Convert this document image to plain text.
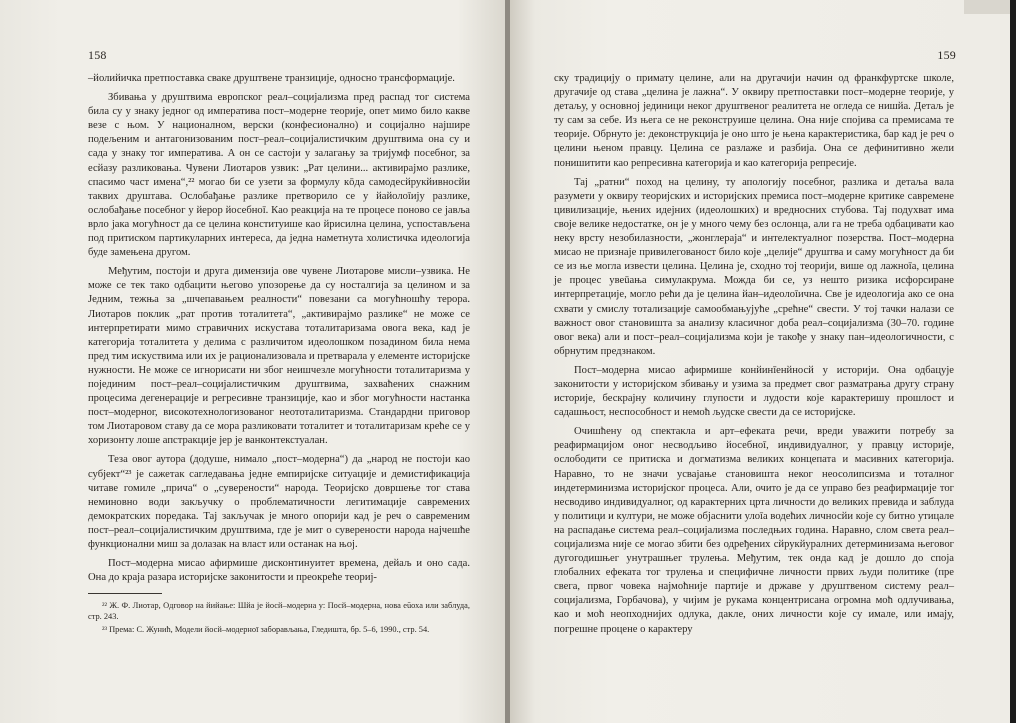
158

–йолийичка претпоставка сваке друштвене транзиције, односно трансформације.

Збивања у друштвима европског реал–социјализма пред распад тог система била су у знаку једног од императива пост–модерне теорије, опет мимо било какве везе с њом. У националном, верски (конфесионално) и социјално најшире подељеним и антагонизованим пост–реал–социјалистичким друштвима она су и сада у знаку тог императива. А он се састоји у залагању за тријумф посебног, за есйазу разликовања. Чувени Лиотаров узвик: „Рат целини... активирајмо разлике, спасимо част имена“,²² могао би се узети за формулу кōда самодесйрукйивносйи таквих друштава. Ослобађање разлике претворило се у йайолоīију разлике, ослобађање посебног у йерор йосебноī. Као реакција на те процесе поново се јавља врло јака могућност да се целина конституише као йрисилна целина, успостављена под притиском партикуларних интереса, да једна наметнута холистичка идеологија буде замењена другом.

Међутим, постоји и друга димензија ове чувене Лиотарове мисли–узвика. Не може се тек тако одбацити његово упозорење да су носталгија за целином и за Једним, тежња за „шчепавањем реалности“ повезани са могућношћу терора. Лиотаров поклик „рат против тоталитета“, „активирајмо разлике“ не може се интерпретирати мимо стравичних искустава тоталитаризама овога века, кад је категорија тоталитета у делима с различитом идеолошком позадином била нема пред тим искуствима или их је рационализовала и претварала у елементе историјске нужности. Не може се игнорисати ни због неишчезле могућности тоталитаризма у појединим пост–реал–социјалистичким друштвима, захваћених снажним процесима дегенерације и регресивне транзиције, као и због могућности настанка пост–модерног, високотехнологизованог неототалитаризма. Стандардни приговор том Лиотаровом ставу да се мора разликовати тоталитет и тоталитаризам креће се у хоризонту лоше апстракције јер је ванконтекстуалан.

Теза овог аутора (додуше, нимало „пост–модерна“) да „народ не постоји као субјект“²³ је сажетак сагледавања једне емпиријске ситуације и демистификација читаве гомиле „прича“ о „суверености“ народа. Теоријско довршење тог става неминовно води закључку о проблематичности легитимације савремених демократских поредака. Тај закључак је много опорији кад је реч о савременим пост–реал–социјалистичким друштвима, где је мит о суверености народа најчешће функционални миш за долазак на власт или останак на њој.

Пост–модерна мисао афирмише дисконтинуитет времена, дейаљ и оно сада. Она до краја разара историјске законитости и преокреће теориј-

²² Ж. Ф. Лиотар, Одговор на йийање: Шйа је йосй–модерна у: Посй–модерна, нова еūоха или заблуда, стр. 243.

²³ Према: С. Жунић, Модели йосй–модерноī заборављања, Гледишта, бр. 5–6, 1990., стр. 54.

159

ску традицију о примату целине, али на другачији начин од франкфуртске школе, другачије од става „целина је лажна“. У оквиру претпоставки пост–модерне теорије, у детаљу, у основној јединици неког друштвеног реалитета не огледа се нишйа. Детаљ је ту сам за себе. Из њега се не реконструише целина. Она није спојива са премисама те теорије. Обрнуто је: деконструкција је оно што је њена карактеристика, бар кад је реч о целини њеном правцу. Целина се разлаже и разбија. Она се дефинитивно жели понишитити као репресивна категорија и као категорија репресије.

Тај „ратни“ поход на целину, ту апологију посебног, разлика и детаља вала разумети у оквиру теоријских и историјских премиса пост–модерне критике савремене цивилизације, њених идејних (идеолошких) и вредносних стубова. Тај подухват има своје велике недостатке, он је у много чему без ослонца, али га не треба одбацивати као неку врсту незобилазности, „жонглерaja“ и интелектуалног позерства. Пост–модерна мисао не признаје привилегованост било које „целије“ друштва и саму могућност да би се из ње могла извести целина. Целина је, сходно тој теорији, више од лажноīа, целина је процес увеūања симулакрума. Можда би се, уз нешто ризика исфорсиране интерпретације, могло рећи да је целина йан–идеолоīична. Све је идеологија ако се она схвати у смислу тотализације самообмањујуће „срећне“ свести. У тој тачки налази се важност овог становишта за анализу класичног доба реал–социјализма (30–70. године овог века) али и пост–реал–социјализма који је такође у знаку пан–идеологичности, с обрнутим предзнаком.

Пост–модерна мисао афирмише конйинīенйносй у историји. Она одбацује законитости у историјском збивању и узима за предмет свог разматрања другу страну историје, бескрајну количину глупости и лудости које карактеришу прошлост и садашњост, неспособност и немоћ људске свести да се историјске.

Очишћену од спектакла и арт–ефеката речи, вреди уважити потребу за реафирмацијом оног несводљиво йосебноī, индивидуалног, у правцу историје, ослободити се притиска и догматизма великих концепата и масивних категорија. Наравно, то не значи усвајање становишта неког неосолипсизма и тоталног индетерминизма историјског процеса. Али, очито је да се управо без реафирмације тог несводиво индивидуалног, од карактерних црта личности до великих превида и заблуда у политици и култури, не може објаснити улоīа водећих личносйи које су битно утицале на распадање система реал–социјализма последњих година. Наравно, слом света реал–социјализма није се могао збити без одређених сйрукйуралних детерминизама његовог дугогодишњег унутрашњег трулења. Међутим, тек онда кад је дошло до споја глобалних ефеката тог трулења и специфичне личности првих људи политике (пре свега, првог човека најмоћније партије и државе у друштвеном систему реал–социјализма, Горбачова), у чијим је рукама концентрисана огромна моћ одлучивања, као и моћ неопходнијих одлука, дакле, оних личности које су имале, или имају, погрешне процене о карактеру
